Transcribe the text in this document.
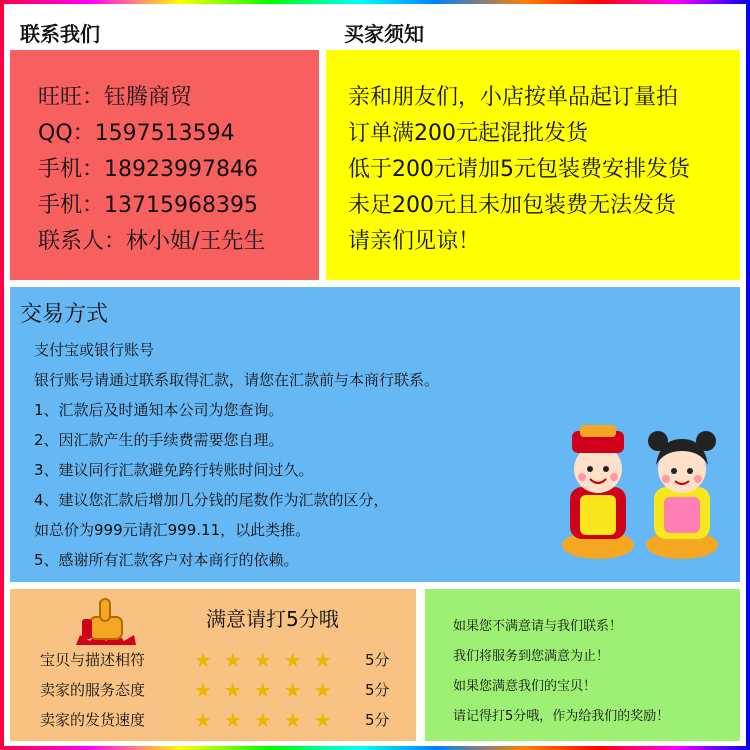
联系我们	买家须知
旺旺：钰腾商贸
QQ：1597513594
手机：18923997846
手机：13715968395
联系人：林小姐/王先生
亲和朋友们，小店按单品起订量拍
订单满200元起混批发货
低于200元请加5元包装费安排发货
未足200元且未加包装费无法发货
请亲们见谅！
交易方式
支付宝或银行账号
银行账号请通过联系取得汇款，请您在汇款前与本商行联系。
1、汇款后及时通知本公司为您查询。
2、因汇款产生的手续费需要您自理。
3、建议同行汇款避免跨行转账时间过久。
4、建议您汇款后增加几分钱的尾数作为汇款的区分，
如总价为999元请汇999.11，以此类推。
5、感谢所有汇款客户对本商行的依赖。
满意请打5分哦
宝贝与描述相符 ★★★★★ 5分
卖家的服务态度 ★★★★★ 5分
卖家的发货速度 ★★★★★ 5分
如果您不满意请与我们联系！
我们将服务到您满意为止！
如果您满意我们的宝贝！
请记得打5分哦，作为给我们的奖励！
